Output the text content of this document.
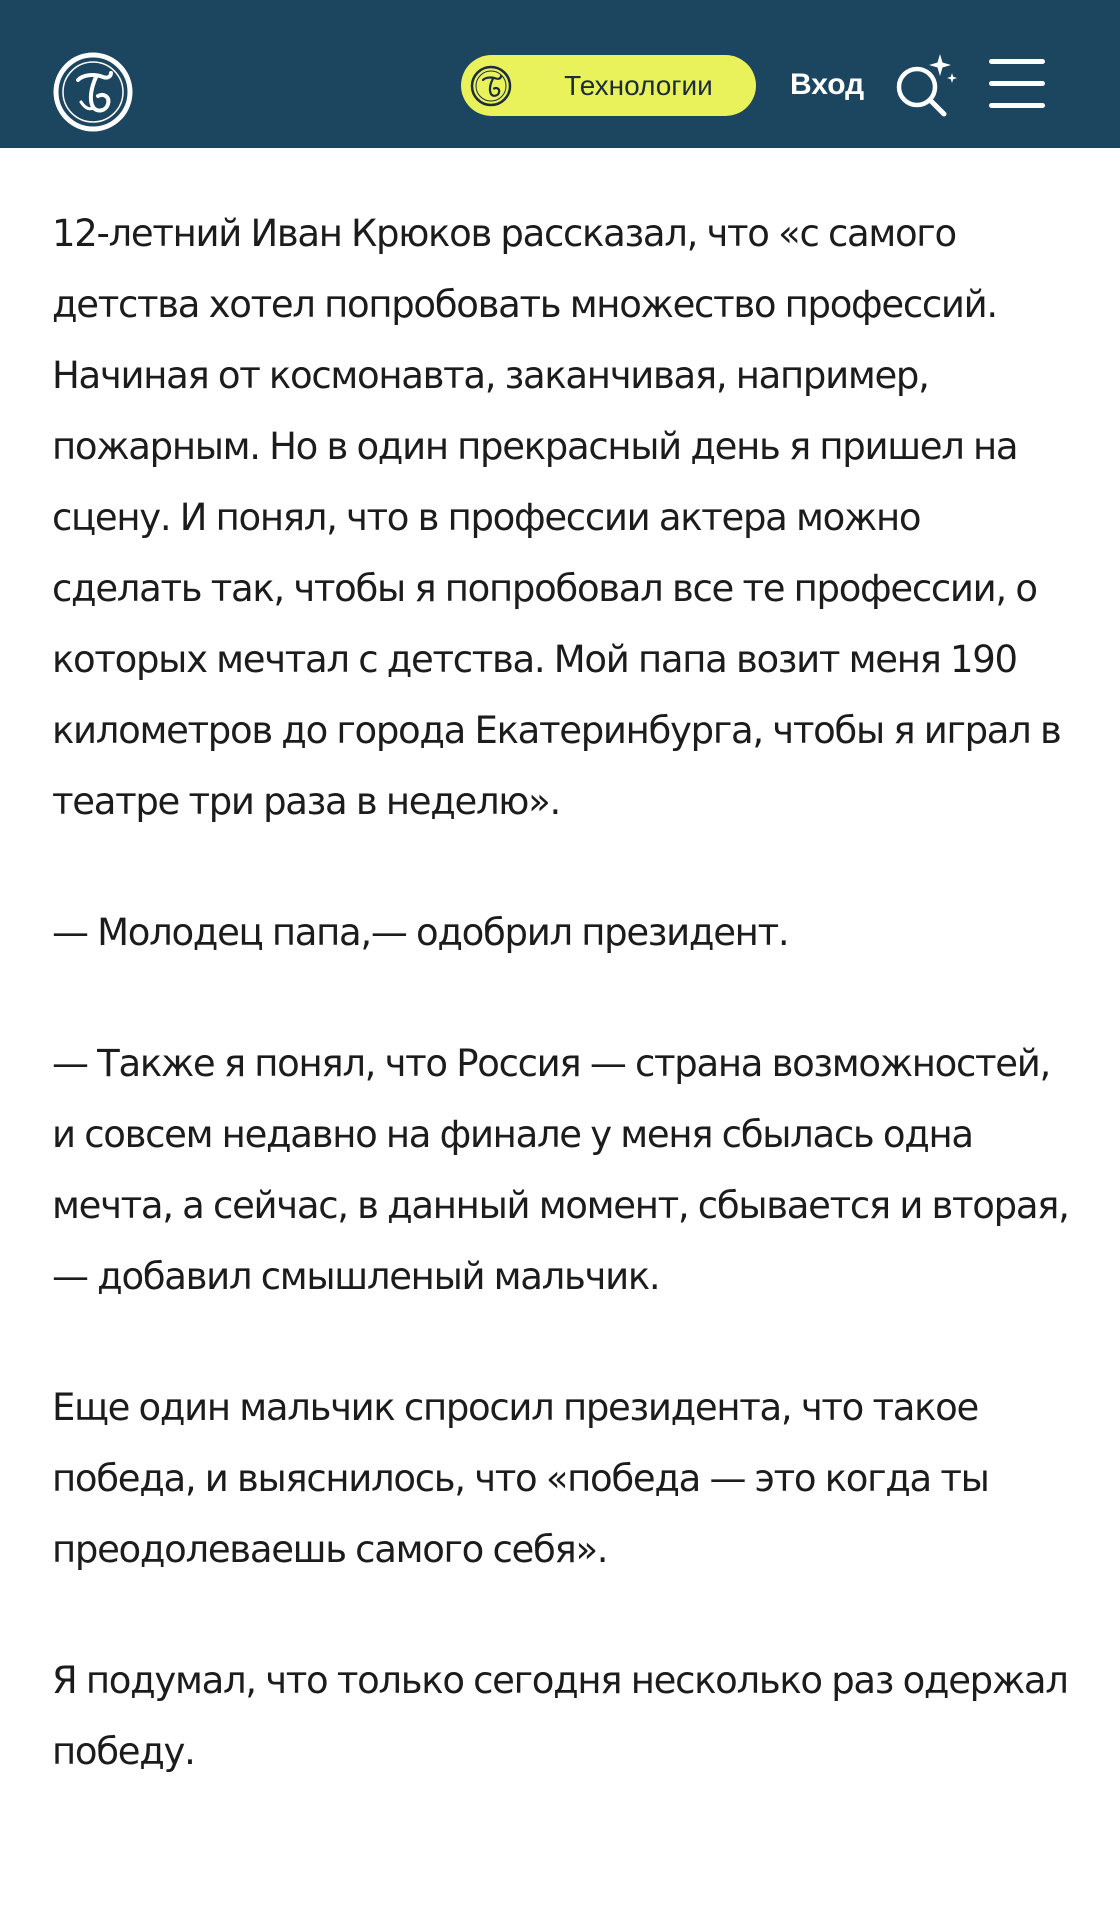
Технологии	Вход

12-летний Иван Крюков рассказал, что «с самого детства хотел попробовать множество профессий. Начиная от космонавта, заканчивая, например, пожарным. Но в один прекрасный день я пришел на сцену. И понял, что в профессии актера можно сделать так, чтобы я попробовал все те профессии, о которых мечтал с детства. Мой папа возит меня 190 километров до города Екатеринбурга, чтобы я играл в театре три раза в неделю».

— Молодец папа,— одобрил президент.

— Также я понял, что Россия — страна возможностей, и совсем недавно на финале у меня сбылась одна мечта, а сейчас, в данный момент, сбывается и вторая,— добавил смышленый мальчик.

Еще один мальчик спросил президента, что такое победа, и выяснилось, что «победа — это когда ты преодолеваешь самого себя».

Я подумал, что только сегодня несколько раз одержал победу.
